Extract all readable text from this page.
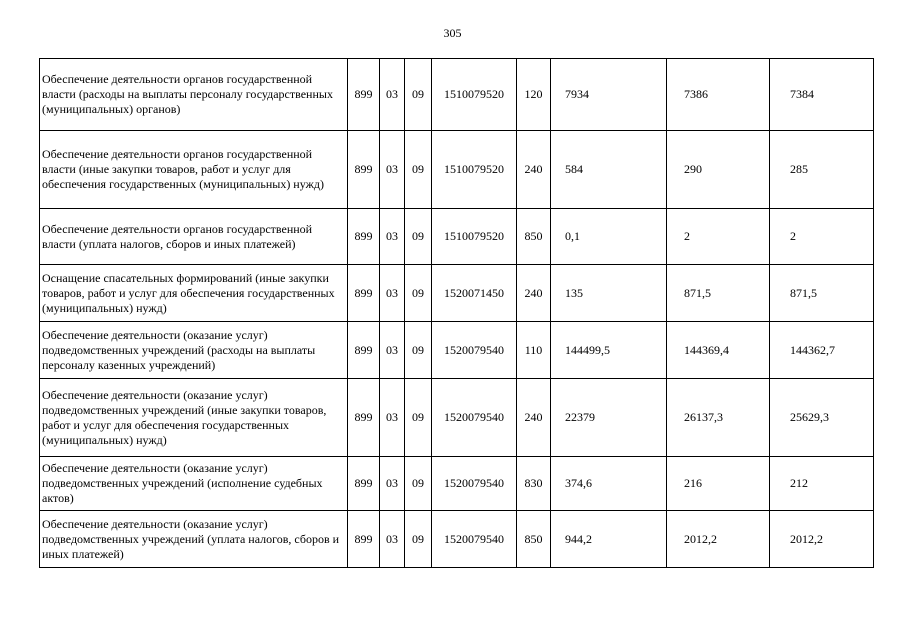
305
Обеспечение деятельности органов государственной власти (расходы на выплаты персоналу государственных (муниципальных) органов)	899	03	09	1510079520	120	7934	7386	7384
Обеспечение деятельности органов государственной власти (иные закупки товаров, работ и услуг для обеспечения государственных (муниципальных) нужд)	899	03	09	1510079520	240	584	290	285
Обеспечение деятельности органов государственной власти (уплата налогов, сборов и иных платежей)	899	03	09	1510079520	850	0,1	2	2
Оснащение спасательных формирований (иные закупки товаров, работ и услуг для обеспечения государственных (муниципальных) нужд)	899	03	09	1520071450	240	135	871,5	871,5
Обеспечение деятельности (оказание услуг) подведомственных учреждений (расходы на выплаты персоналу казенных учреждений)	899	03	09	1520079540	110	144499,5	144369,4	144362,7
Обеспечение деятельности (оказание услуг) подведомственных учреждений (иные закупки товаров, работ и услуг для обеспечения государственных (муниципальных) нужд)	899	03	09	1520079540	240	22379	26137,3	25629,3
Обеспечение деятельности (оказание услуг) подведомственных учреждений (исполнение судебных актов)	899	03	09	1520079540	830	374,6	216	212
Обеспечение деятельности (оказание услуг) подведомственных учреждений (уплата налогов, сборов и иных платежей)	899	03	09	1520079540	850	944,2	2012,2	2012,2
